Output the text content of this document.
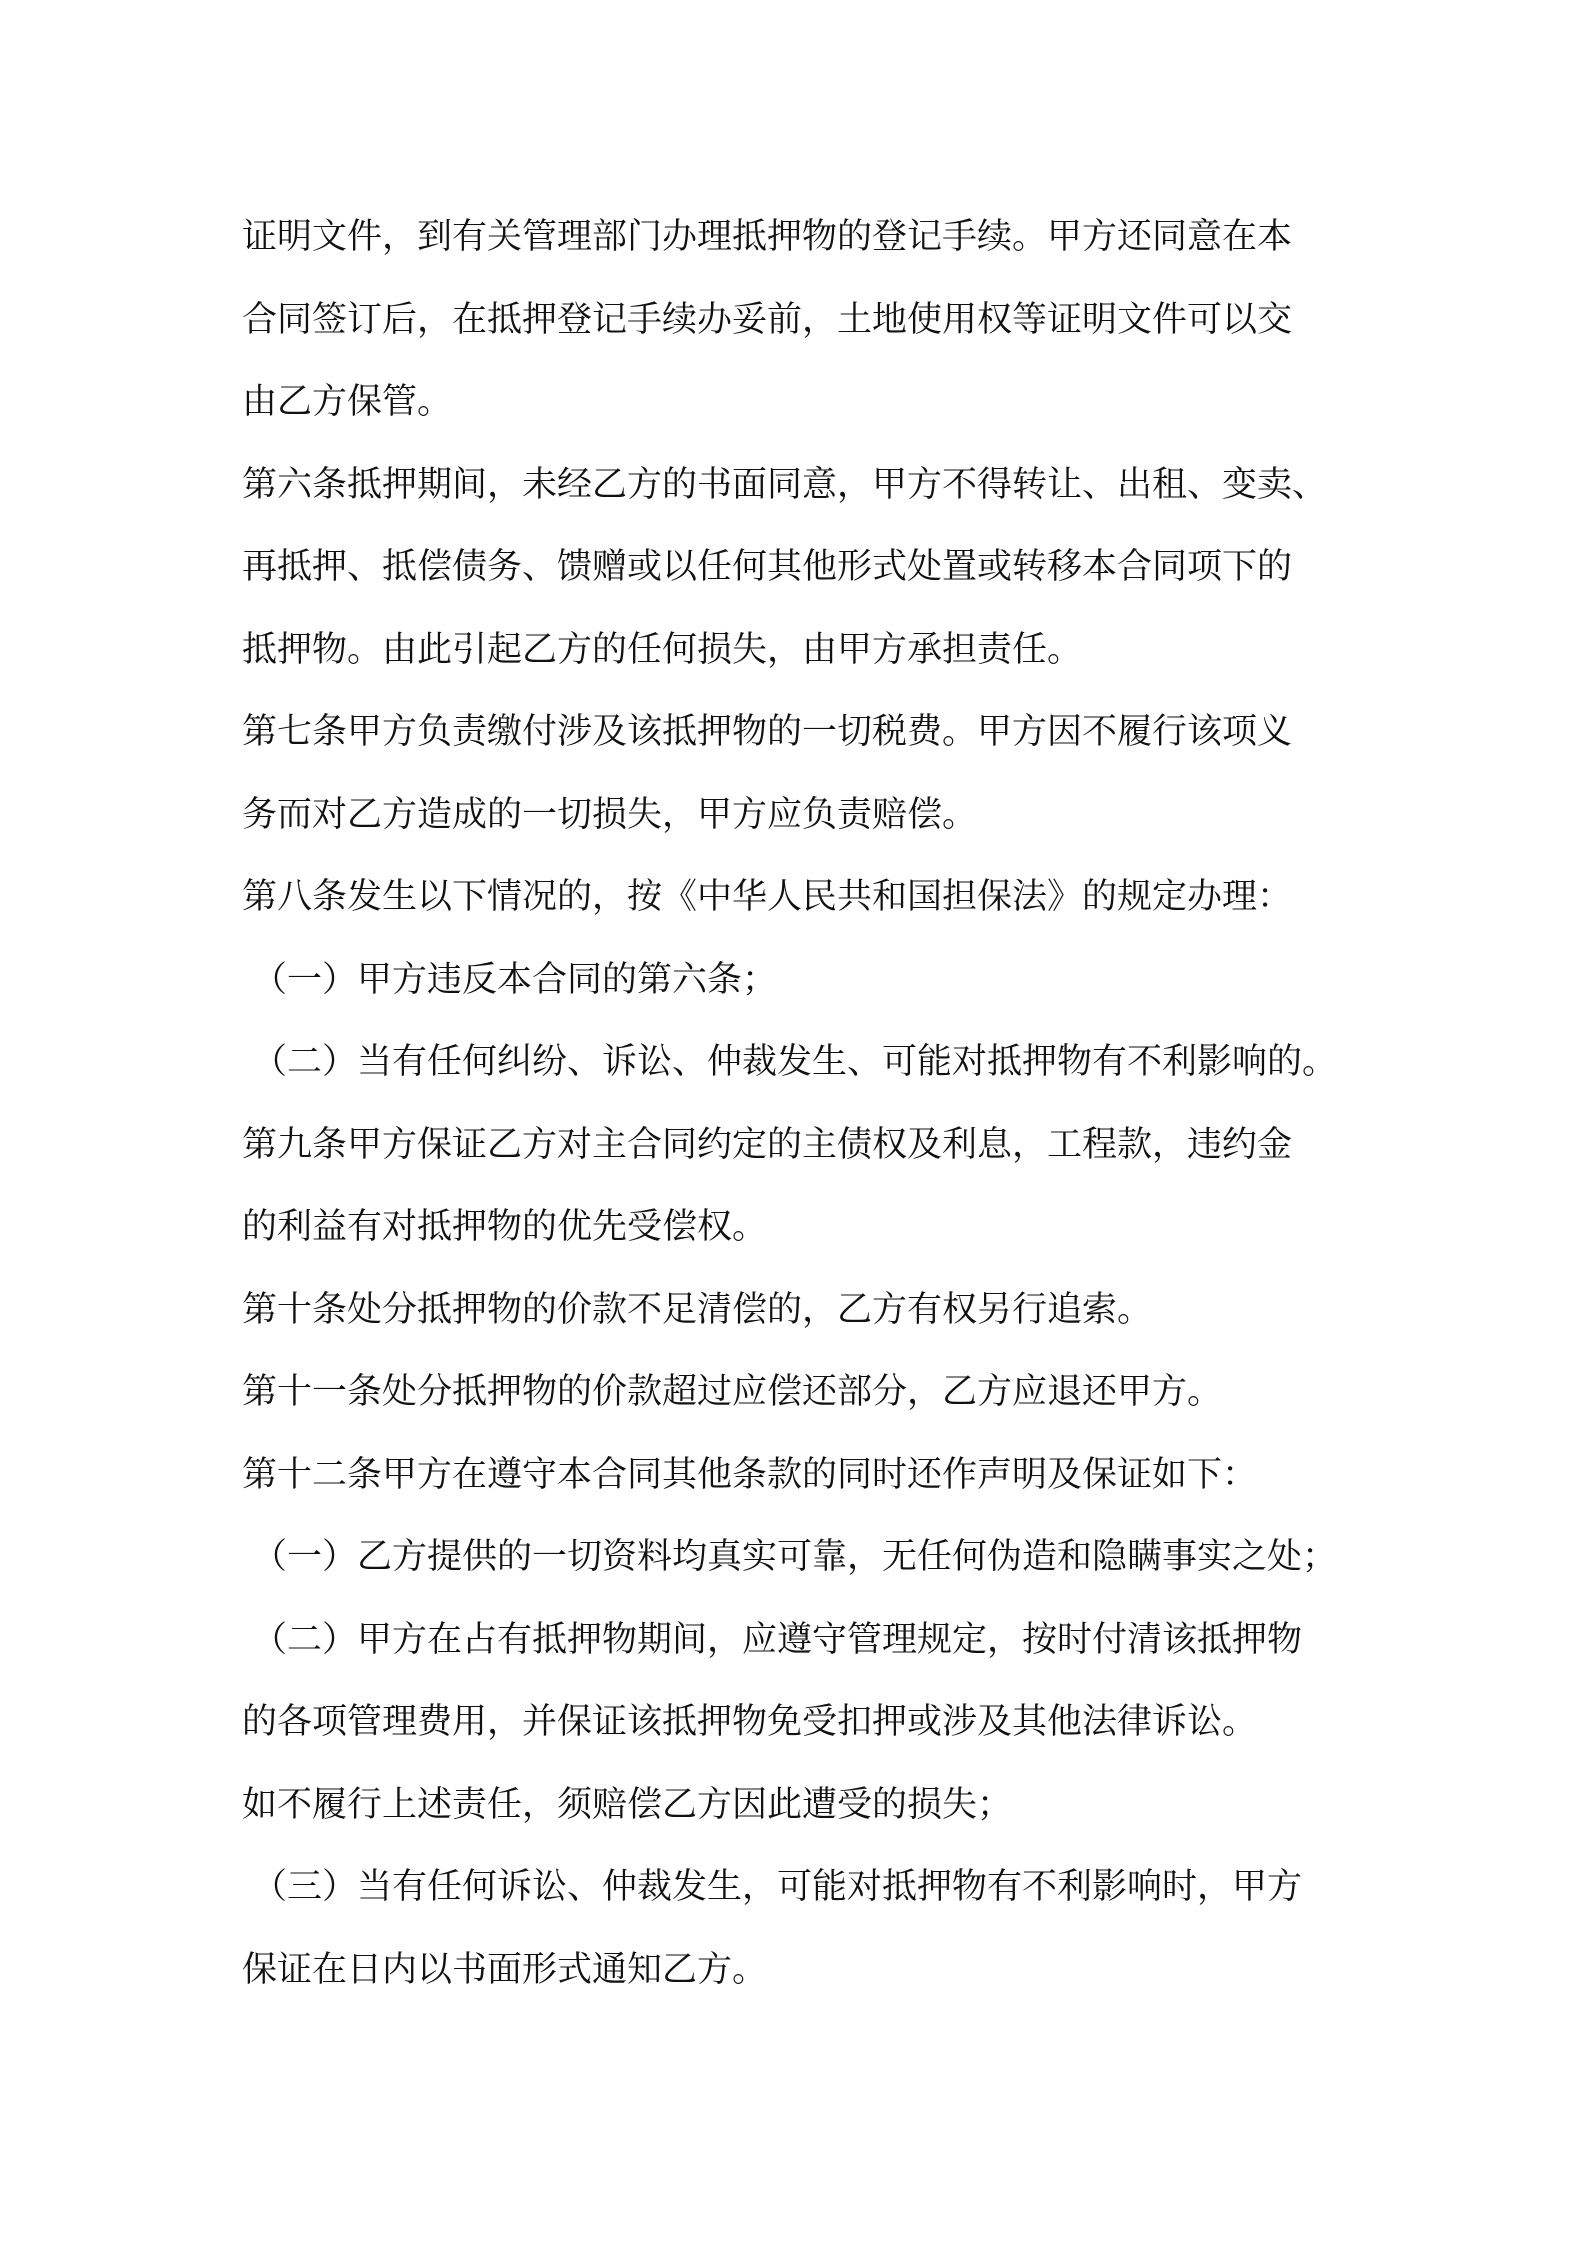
证明文件，到有关管理部门办理抵押物的登记手续。甲方还同意在本
合同签订后，在抵押登记手续办妥前，土地使用权等证明文件可以交
由乙方保管。
第六条抵押期间，未经乙方的书面同意，甲方不得转让、出租、变卖、
再抵押、抵偿债务、馈赠或以任何其他形式处置或转移本合同项下的
抵押物。由此引起乙方的任何损失，由甲方承担责任。
第七条甲方负责缴付涉及该抵押物的一切税费。甲方因不履行该项义
务而对乙方造成的一切损失，甲方应负责赔偿。
第八条发生以下情况的，按《中华人民共和国担保法》的规定办理：
（一）甲方违反本合同的第六条；
（二）当有任何纠纷、诉讼、仲裁发生、可能对抵押物有不利影响的。
第九条甲方保证乙方对主合同约定的主债权及利息，工程款，违约金
的利益有对抵押物的优先受偿权。
第十条处分抵押物的价款不足清偿的，乙方有权另行追索。
第十一条处分抵押物的价款超过应偿还部分，乙方应退还甲方。
第十二条甲方在遵守本合同其他条款的同时还作声明及保证如下：
（一）乙方提供的一切资料均真实可靠，无任何伪造和隐瞒事实之处；
（二）甲方在占有抵押物期间，应遵守管理规定，按时付清该抵押物
的各项管理费用，并保证该抵押物免受扣押或涉及其他法律诉讼。
如不履行上述责任，须赔偿乙方因此遭受的损失；
（三）当有任何诉讼、仲裁发生，可能对抵押物有不利影响时，甲方
保证在日内以书面形式通知乙方。
